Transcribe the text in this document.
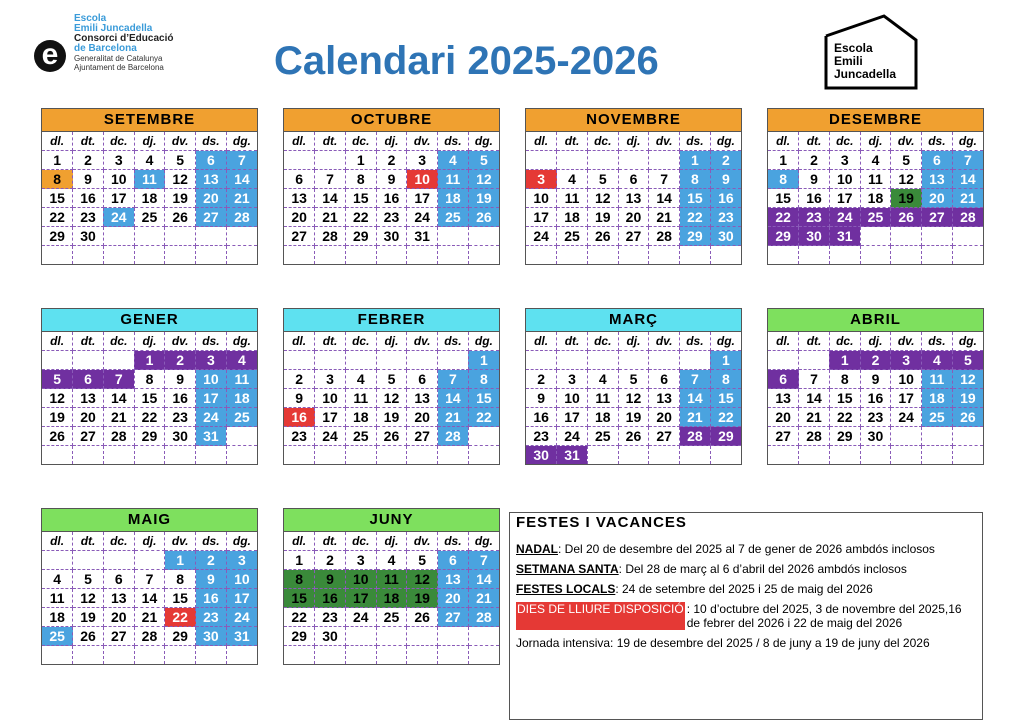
e
Escola
Emili Juncadella
Consorci d’Educació
de Barcelona
Generalitat de Catalunya
Ajuntament de Barcelona	Calendari 2025-2026	Escola
Emili
Juncadella
SETEMBRE
dl.	dt.	dc.	dj.	dv.	ds.	dg.
1	2	3	4	5	6	7
8	9	10	11	12	13	14
15	16	17	18	19	20	21
22	23	24	25	26	27	28
29	30					

OCTUBRE
dl.	dt.	dc.	dj.	dv.	ds.	dg.
		1	2	3	4	5
6	7	8	9	10	11	12
13	14	15	16	17	18	19
20	21	22	23	24	25	26
27	28	29	30	31		

NOVEMBRE
dl.	dt.	dc.	dj.	dv.	ds.	dg.
					1	2
3	4	5	6	7	8	9
10	11	12	13	14	15	16
17	18	19	20	21	22	23
24	25	26	27	28	29	30

DESEMBRE
dl.	dt.	dc.	dj.	dv.	ds.	dg.
1	2	3	4	5	6	7
8	9	10	11	12	13	14
15	16	17	18	19	20	21
22	23	24	25	26	27	28
29	30	31				

GENER
dl.	dt.	dc.	dj.	dv.	ds.	dg.
			1	2	3	4
5	6	7	8	9	10	11
12	13	14	15	16	17	18
19	20	21	22	23	24	25
26	27	28	29	30	31	

FEBRER
dl.	dt.	dc.	dj.	dv.	ds.	dg.
						1
2	3	4	5	6	7	8
9	10	11	12	13	14	15
16	17	18	19	20	21	22
23	24	25	26	27	28	

MARÇ
dl.	dt.	dc.	dj.	dv.	ds.	dg.
						1
2	3	4	5	6	7	8
9	10	11	12	13	14	15
16	17	18	19	20	21	22
23	24	25	26	27	28	29
30	31					
ABRIL
dl.	dt.	dc.	dj.	dv.	ds.	dg.
		1	2	3	4	5
6	7	8	9	10	11	12
13	14	15	16	17	18	19
20	21	22	23	24	25	26
27	28	29	30			

MAIG
dl.	dt.	dc.	dj.	dv.	ds.	dg.
				1	2	3
4	5	6	7	8	9	10
11	12	13	14	15	16	17
18	19	20	21	22	23	24
25	26	27	28	29	30	31

JUNY
dl.	dt.	dc.	dj.	dv.	ds.	dg.
1	2	3	4	5	6	7
8	9	10	11	12	13	14
15	16	17	18	19	20	21
22	23	24	25	26	27	28
29	30					

FESTES I VACANCES
NADAL: Del 20 de desembre del 2025 al 7 de gener de 2026 ambdós inclosos
SETMANA SANTA: Del 28 de març al 6 d’abril del 2026 ambdós inclosos
FESTES LOCALS: 24 de setembre del 2025 i 25 de maig del 2026
DIES DE LLIURE DISPOSICIÓ : 10 d’octubre del 2025, 3 de novembre del 2025,16 de febrer del 2026 i 22 de maig del 2026
Jornada intensiva: 19 de desembre del 2025 / 8 de juny a 19 de juny del 2026
